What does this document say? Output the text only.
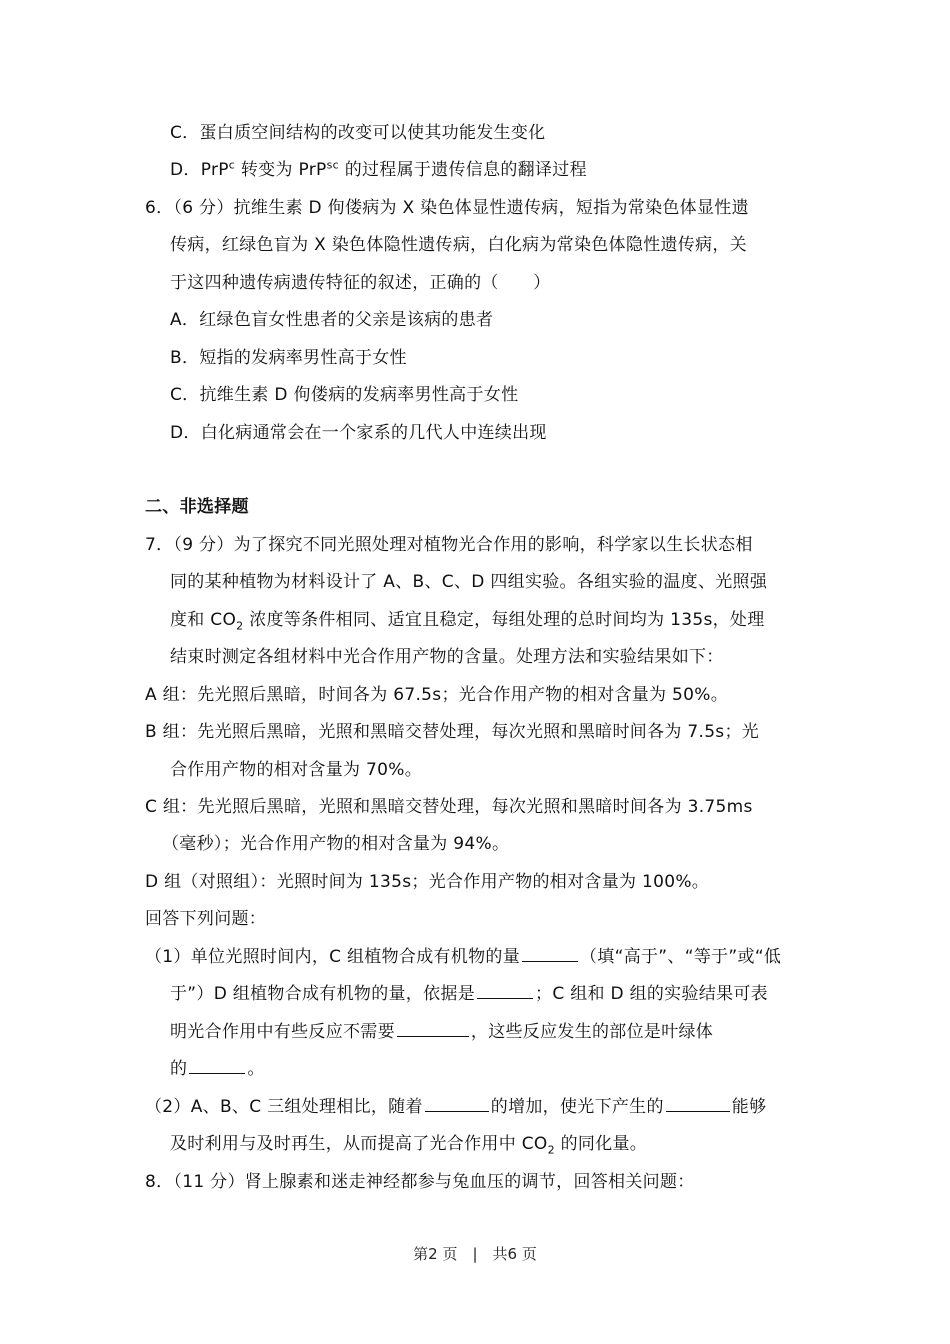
C．蛋白质空间结构的改变可以使其功能发生变化
D．PrP$^c$ 转变为 PrP$^{sc}$ 的过程属于遗传信息的翻译过程
6．（6 分）抗维生素 D 佝偻病为 X 染色体显性遗传病，短指为常染色体显性遗
传病，红绿色盲为 X 染色体隐性遗传病，白化病为常染色体隐性遗传病，关
于这四种遗传病遗传特征的叙述，正确的（　　）
A．红绿色盲女性患者的父亲是该病的患者
B．短指的发病率男性高于女性
C．抗维生素 D 佝偻病的发病率男性高于女性
D．白化病通常会在一个家系的几代人中连续出现
二、非选择题
7．（9 分）为了探究不同光照处理对植物光合作用的影响，科学家以生长状态相
同的某种植物为材料设计了 A、B、C、D 四组实验。各组实验的温度、光照强
度和 $CO_2$ 浓度等条件相同、适宜且稳定，每组处理的总时间均为 135s，处理
结束时测定各组材料中光合作用产物的含量。处理方法和实验结果如下：
A 组：先光照后黑暗，时间各为 67.5s；光合作用产物的相对含量为 50%。
B 组：先光照后黑暗，光照和黑暗交替处理，每次光照和黑暗时间各为 7.5s；光
合作用产物的相对含量为 70%。
C 组：先光照后黑暗，光照和黑暗交替处理，每次光照和黑暗时间各为 3.75ms
（毫秒）；光合作用产物的相对含量为 94%。
D 组（对照组）：光照时间为 135s；光合作用产物的相对含量为 100%。
回答下列问题：
（1）单位光照时间内，C 组植物合成有机物的量	（填“高于”、“等于”或“低
于”）D 组植物合成有机物的量，依据是	；C 组和 D 组的实验结果可表
明光合作用中有些反应不需要	，这些反应发生的部位是叶绿体
的	。
（2）A、B、C 三组处理相比，随着	的增加，使光下产生的	能够
及时利用与及时再生，从而提高了光合作用中 $CO_2$ 的同化量。
8．（11 分）肾上腺素和迷走神经都参与兔血压的调节，回答相关问题：
第2 页　|　共6 页
